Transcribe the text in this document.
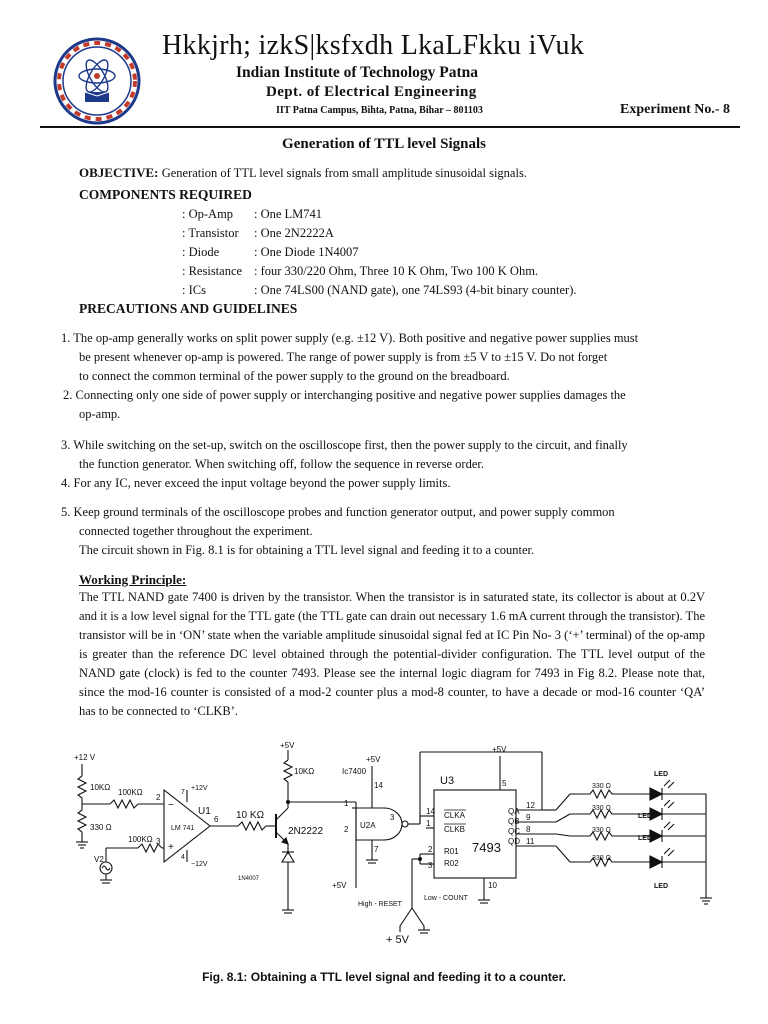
Hkkjrh; izkS|ksfxdh LkaLFkku iVuk
Indian Institute of Technology Patna
Dept. of Electrical Engineering
IIT Patna Campus, Bihta, Patna, Bihar – 801103	Experiment No.- 8
Generation of TTL level Signals
OBJECTIVE: Generation of TTL level signals from small amplitude sinusoidal signals.
COMPONENTS REQUIRED
: Op-Amp : One LM741
: Transistor : One 2N2222A
: Diode	: One Diode 1N4007
: Resistance : four 330/220 Ohm, Three 10 K Ohm, Two 100 K Ohm.
: ICs	: One 74LS00 (NAND gate), one 74LS93 (4-bit binary counter).
PRECAUTIONS AND GUIDELINES
1. The op-amp generally works on split power supply (e.g. ±12 V). Both positive and negative power supplies must
be present whenever op-amp is powered. The range of power supply is from ±5 V to ±15 V. Do not forget
to connect the common terminal of the power supply to the ground on the breadboard.
2. Connecting only one side of power supply or interchanging positive and negative power supplies damages the
op-amp.
3. While switching on the set-up, switch on the oscilloscope first, then the power supply to the circuit, and finally
the function generator. When switching off, follow the sequence in reverse order.
4. For any IC, never exceed the input voltage beyond the power supply limits.
5. Keep ground terminals of the oscilloscope probes and function generator output, and power supply common
connected together throughout the experiment.
The circuit shown in Fig. 8.1 is for obtaining a TTL level signal and feeding it to a counter.
Working Principle:
The TTL NAND gate 7400 is driven by the transistor. When the transistor is in saturated state, its collector is about at 0.2V and it is a low level signal for the TTL gate (the TTL gate can drain out necessary 1.6 mA current through the transistor). The transistor will be in ‘ON’ state when the variable amplitude sinusoidal signal fed at IC Pin No- 3 (‘+’ terminal) of the op-amp is greater than the reference DC level obtained through the potential-divider configuration. The TTL level output of the NAND gate (clock) is fed to the counter 7493. Please see the internal logic diagram for 7493 in Fig 8.2. Please note that, since the mod-16 counter is consisted of a mod-2 counter plus a mod-8 counter, to have a decade or mod-16 counter ‘QA’ has to be connected to ‘CLKB’.
+12 V
10KΩ
330 Ω
100KΩ
2
V2
100KΩ 3
−
+
LM 741
U1
7
+12V
4
−12V
6 10 KΩ
2N2222
1N4007
+5V
10KΩ	Ic7400
+5V
14
1
2
+5V
U2A
3
7
U3
+5V
5
14 CLKA
1
CLKB
2
3
R01
R02
7493
High - RESET
Low - COUNT
+ 5V
10
QA
QB
QC
QD
12
9
8
11
330 Ω
330 Ω
330 Ω
330 Ω
LED
LED
LED
LED
Fig. 8.1: Obtaining a TTL level signal and feeding it to a counter.
